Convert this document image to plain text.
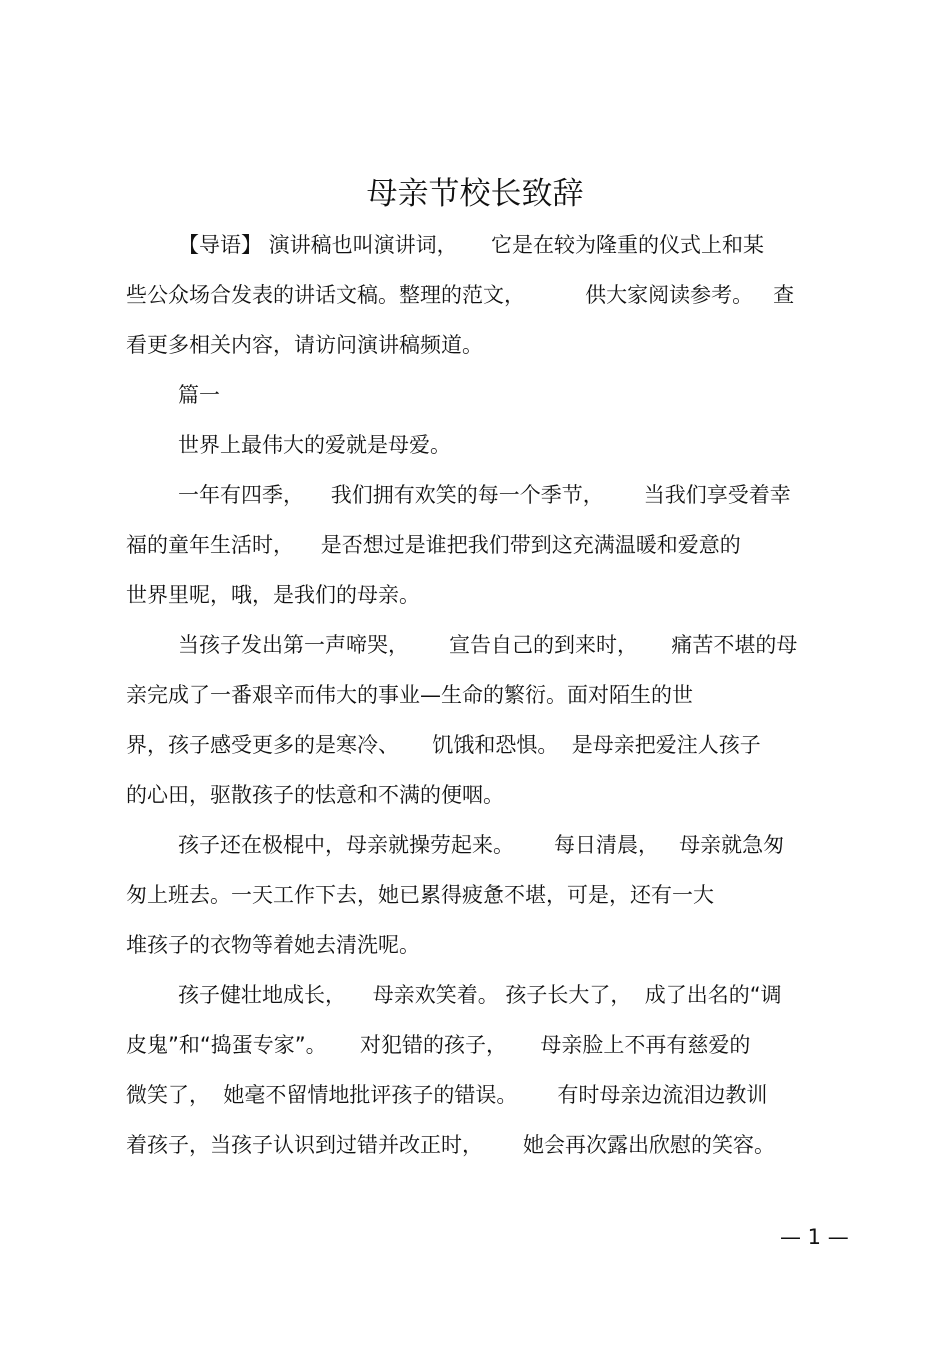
母亲节校长致辞
【导语】 演讲稿也叫演讲词，     它是在较为隆重的仪式上和某
些公众场合发表的讲话文稿。整理的范文，         供大家阅读参考。   查
看更多相关内容，请访问演讲稿频道。
篇一
世界上最伟大的爱就是母爱。
一年有四季，    我们拥有欢笑的每一个季节，      当我们享受着幸
福的童年生活时，    是否想过是谁把我们带到这充满温暖和爱意的
世界里呢，哦，是我们的母亲。
当孩子发出第一声啼哭，      宣告自己的到来时，     痛苦不堪的母
亲完成了一番艰辛而伟大的事业—生命的繁衍。面对陌生的世
界，孩子感受更多的是寒冷、     饥饿和恐惧。  是母亲把爱注人孩子
的心田，驱散孩子的怯意和不满的便咽。
孩子还在极棍中，母亲就操劳起来。      每日清晨，   母亲就急匆
匆上班去。一天工作下去，她已累得疲惫不堪，可是，还有一大
堆孩子的衣物等着她去清洗呢。
孩子健壮地成长，    母亲欢笑着。 孩子长大了，  成了出名的“调
皮鬼”和“捣蛋专家”。     对犯错的孩子，     母亲脸上不再有慈爱的
微笑了，  她毫不留情地批评孩子的错误。      有时母亲边流泪边教训
着孩子，当孩子认识到过错并改正时，      她会再次露出欣慰的笑容。
— 1 —
